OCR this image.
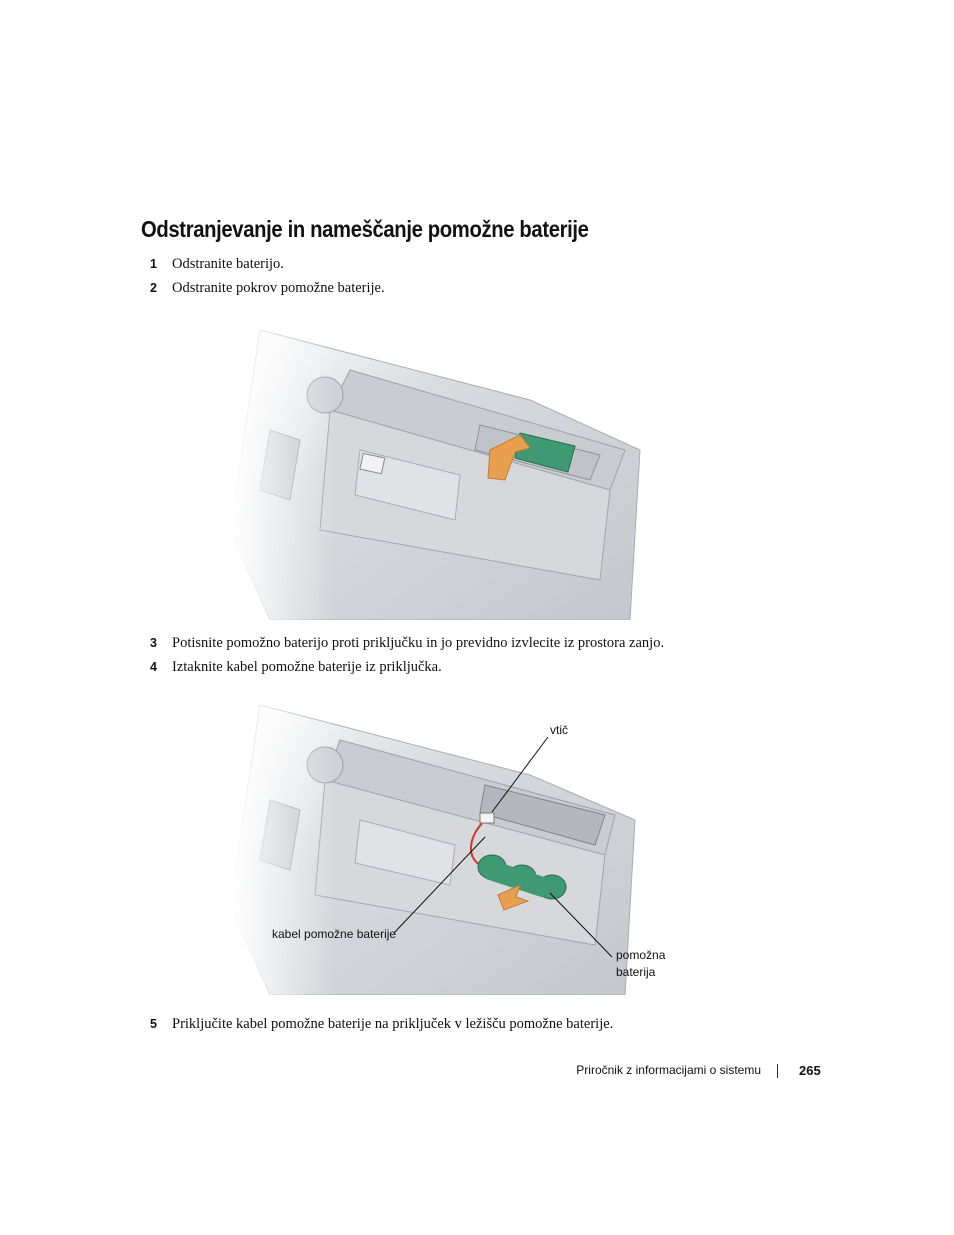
Odstranjevanje in nameščanje pomožne baterije
1 Odstranite baterijo.
2 Odstranite pokrov pomožne baterije.
3 Potisnite pomožno baterijo proti priključku in jo previdno izvlecite iz prostora zanjo.
4 Iztaknite kabel pomožne baterije iz priključka.
vtič
kabel pomožne baterije
pomožna
baterija
5 Priključite kabel pomožne baterije na priključek v ležišču pomožne baterije.
Priročnik z informacijami o sistemu	265
